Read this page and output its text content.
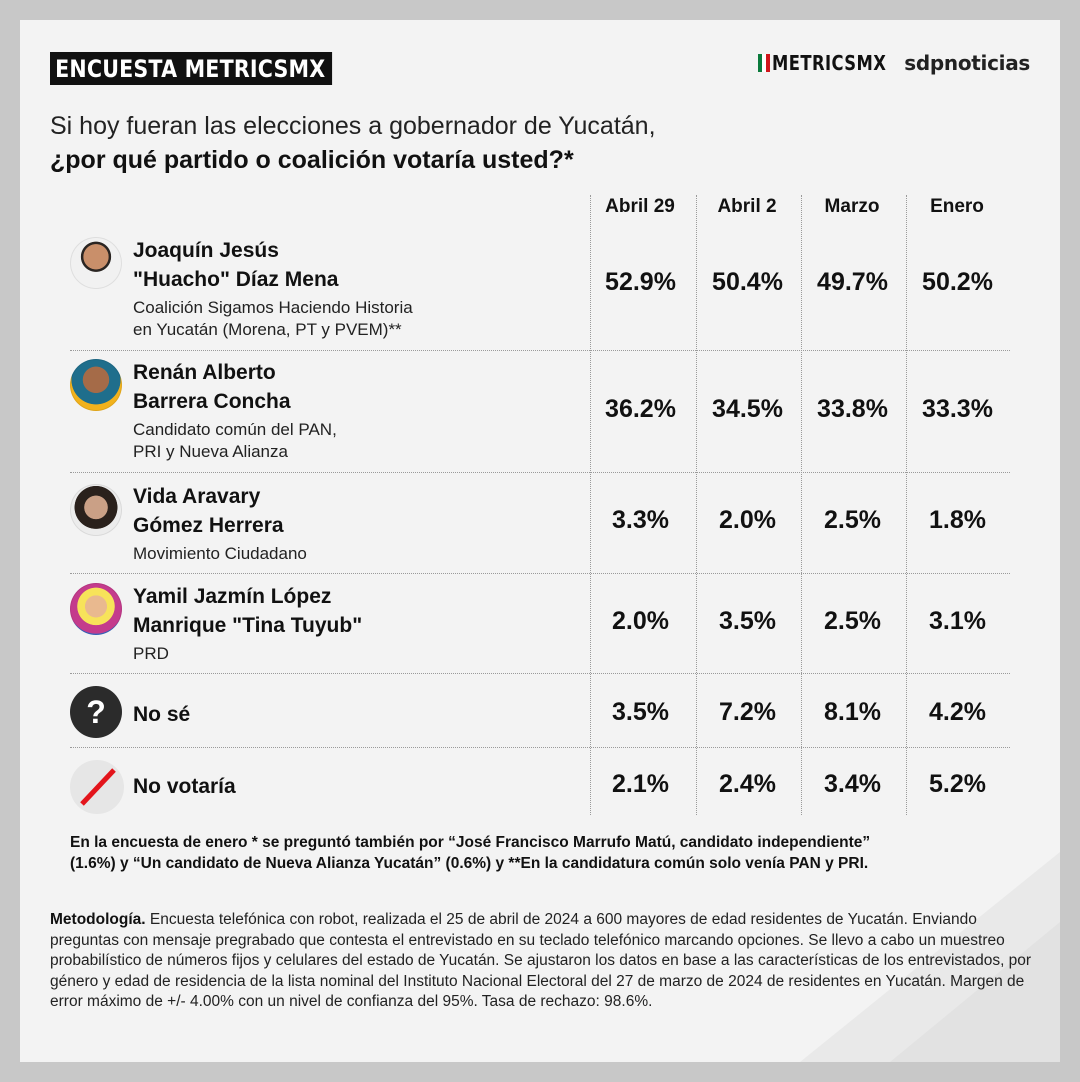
ENCUESTA METRICSMX	METRICSMX sdpnoticias
Si hoy fueran las elecciones a gobernador de Yucatán,
¿por qué partido o coalición votaría usted?*
Abril 29	Abril 2	Marzo	Enero
Joaquín Jesús
"Huacho" Díaz Mena
Coalición Sigamos Haciendo Historia
en Yucatán (Morena, PT y PVEM)**
52.9%	50.4%	49.7%	50.2%
Renán Alberto
Barrera Concha
Candidato común del PAN,
PRI y Nueva Alianza
36.2%	34.5%	33.8%	33.3%
Vida Aravary
Gómez Herrera
Movimiento Ciudadano
3.3%	2.0%	2.5%	1.8%
Yamil Jazmín López
Manrique "Tina Tuyub"
PRD
2.0%	3.5%	2.5%	3.1%
No sé
?	3.5%	7.2%	8.1%	4.2%
No votaría	2.1%	2.4%	3.4%	5.2%
En la encuesta de enero * se preguntó también por “José Francisco Marrufo Matú, candidato independiente”
(1.6%) y “Un candidato de Nueva Alianza Yucatán” (0.6%) y **En la candidatura común solo venía PAN y PRI.
Metodología. Encuesta telefónica con robot, realizada el 25 de abril de 2024 a 600 mayores de edad residentes de Yucatán. Enviando preguntas con mensaje pregrabado que contesta el entrevistado en su teclado telefónico marcando opciones. Se llevo a cabo un muestreo probabilístico de números fijos y celulares del estado de Yucatán. Se ajustaron los datos en base a las características de los entrevistados, por género y edad de residencia de la lista nominal del Instituto Nacional Electoral del 27 de marzo de 2024 de residentes en Yucatán. Margen de error máximo de +/- 4.00% con un nivel de confianza del 95%. Tasa de rechazo: 98.6%.
